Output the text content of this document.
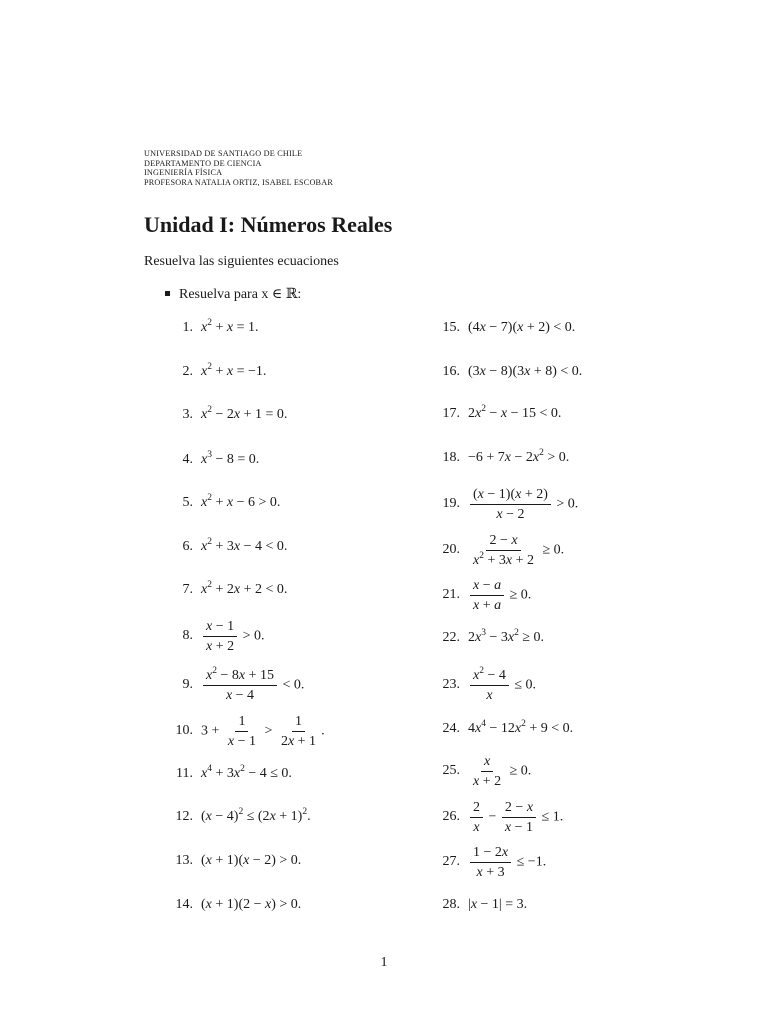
UNIVERSIDAD DE SANTIAGO DE CHILE
DEPARTAMENTO DE CIENCIA
INGENIERÍA FÍSICA
PROFESORA NATALIA ORTIZ, ISABEL ESCOBAR
Unidad I: Números Reales
Resuelva las siguientes ecuaciones
Resuelva para x ∈ ℝ:
1. $x^2 + x = 1$.
2. $x^2 + x = -1$.
3. $x^2 - 2x + 1 = 0$.
4. $x^3 - 8 = 0$.
5. $x^2 + x - 6 > 0$.
6. $x^2 + 3x - 4 < 0$.
7. $x^2 + 2x + 2 < 0$.
8. $\frac{x - 1}{x + 2} > 0$.
9. $\frac{x^2 - 8x + 15}{x - 4} < 0$.
10. $3 + \frac{1}{x - 1} > \frac{1}{2x + 1}$ .
11. $x^4 + 3x^2 - 4 \le 0$.
12. $(x - 4)^2 \le (2x + 1)^2$.
13. (x + 1)(x − 2) > 0.
14. (x + 1)(2 − x) > 0.
15. (4x − 7)(x + 2) < 0.
16. (3x − 8)(3x + 8) < 0.
17. $2x^2 - x - 15 < 0$.
18. $-6 + 7x - 2x^2 > 0$.
19. $\frac{(x - 1)(x + 2)}{x - 2} > 0$.
20. $\frac{2 - x}{x^2 + 3x + 2} \ge 0$.
21. $\frac{x - a}{x + a} \ge 0$.
22. $2x^3 - 3x^2 \ge 0$.
23. $\frac{x^2 - 4}{x} \le 0$.
24. $4x^4 - 12x^2 + 9 < 0$.
25. $\frac{x}{x + 2} \ge 0$.
26. $\frac{2}{x} - \frac{2 - x}{x - 1} \le 1$.
27. $\frac{1 - 2x}{x + 3} \le -1$.
28. |x − 1| = 3.
1
